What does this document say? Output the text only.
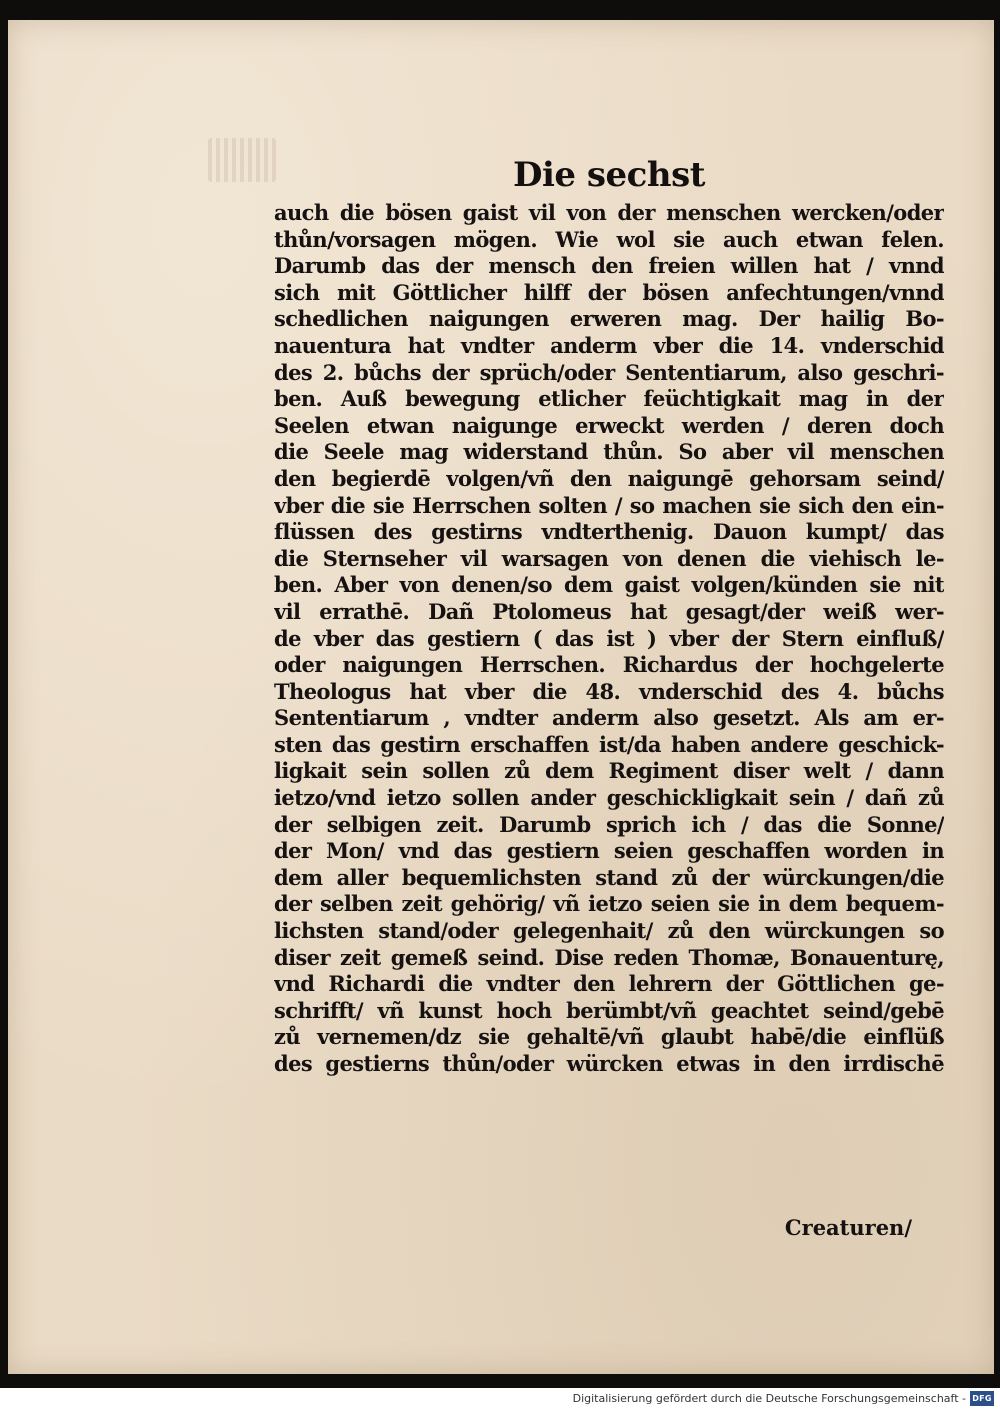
Die sechst
auch die bösen gaist vil von der menschen wercken/oder
thůn/vorsagen mögen. Wie wol sie auch etwan felen.
Darumb das der mensch den freien willen hat / vnnd
sich mit Göttlicher hilff der bösen anfechtungen/vnnd
schedlichen naigungen erweren mag. Der hailig Bo-
nauentura hat vndter anderm vber die 14. vnderschid
des 2. bůchs der sprüch/oder Sententiarum, also geschri-
ben. Auß bewegung etlicher feüchtigkait mag in der
Seelen etwan naigunge erweckt werden / deren doch
die Seele mag widerstand thůn. So aber vil menschen
den begierdē volgen/vñ den naigungē gehorsam seind/
vber die sie Herrschen solten / so machen sie sich den ein-
flüssen des gestirns vndterthenig. Dauon kumpt/ das
die Sternseher vil warsagen von denen die viehisch le-
ben. Aber von denen/so dem gaist volgen/künden sie nit
vil errathē. Dañ Ptolomeus hat gesagt/der weiß wer-
de vber das gestiern ( das ist ) vber der Stern einfluß/
oder naigungen Herrschen. Richardus der hochgelerte
Theologus hat vber die 48. vnderschid des 4. bůchs
Sententiarum , vndter anderm also gesetzt. Als am er-
sten das gestirn erschaffen ist/da haben andere geschick-
ligkait sein sollen zů dem Regiment diser welt / dann
ietzo/vnd ietzo sollen ander geschickligkait sein / dañ zů
der selbigen zeit. Darumb sprich ich / das die Sonne/
der Mon/ vnd das gestiern seien geschaffen worden in
dem aller bequemlichsten stand zů der würckungen/die
der selben zeit gehörig/ vñ ietzo seien sie in dem bequem-
lichsten stand/oder gelegenhait/ zů den würckungen so
diser zeit gemeß seind. Dise reden Thomæ, Bonauenturę,
vnd Richardi die vndter den lehrern der Göttlichen ge-
schrifft/ vñ kunst hoch berümbt/vñ geachtet seind/gebē
zů vernemen/dz sie gehaltē/vñ glaubt habē/die einflüß
des gestierns thůn/oder würcken etwas in den irrdischē
Creaturen/
Digitalisierung gefördert durch die Deutsche Forschungsgemeinschaft - DFG
